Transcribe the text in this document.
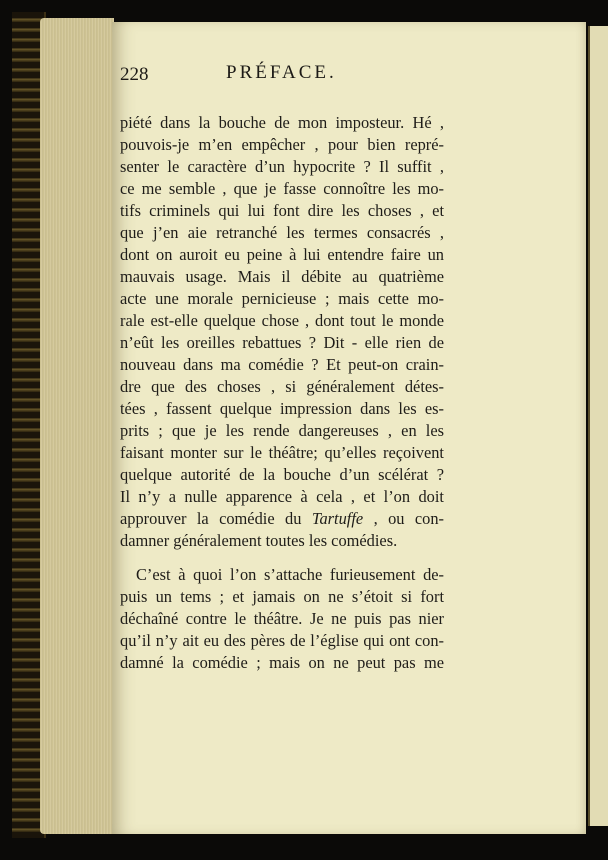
228	PRÉFACE.
piété dans la bouche de mon imposteur. Hé ,
pouvois-je m’en empêcher , pour bien repré-
senter le caractère d’un hypocrite ? Il suffit ,
ce me semble , que je fasse connoître les mo-
tifs criminels qui lui font dire les choses , et
que j’en aie retranché les termes consacrés ,
dont on auroit eu peine à lui entendre faire un
mauvais usage. Mais il débite au quatrième
acte une morale pernicieuse ; mais cette mo-
rale est-elle quelque chose , dont tout le monde
n’eût les oreilles rebattues ? Dit - elle rien de
nouveau dans ma comédie ? Et peut-on crain-
dre que des choses , si généralement détes-
tées , fassent quelque impression dans les es-
prits ; que je les rende dangereuses , en les
faisant monter sur le théâtre; qu’elles reçoivent
quelque autorité de la bouche d’un scélérat ?
Il n’y a nulle apparence à cela , et l’on doit
approuver la comédie du Tartuffe , ou con-
damner généralement toutes les comédies.
C’est à quoi l’on s’attache furieusement de-
puis un tems ; et jamais on ne s’étoit si fort
déchaîné contre le théâtre. Je ne puis pas nier
qu’il n’y ait eu des pères de l’église qui ont con-
damné la comédie ; mais on ne peut pas me
